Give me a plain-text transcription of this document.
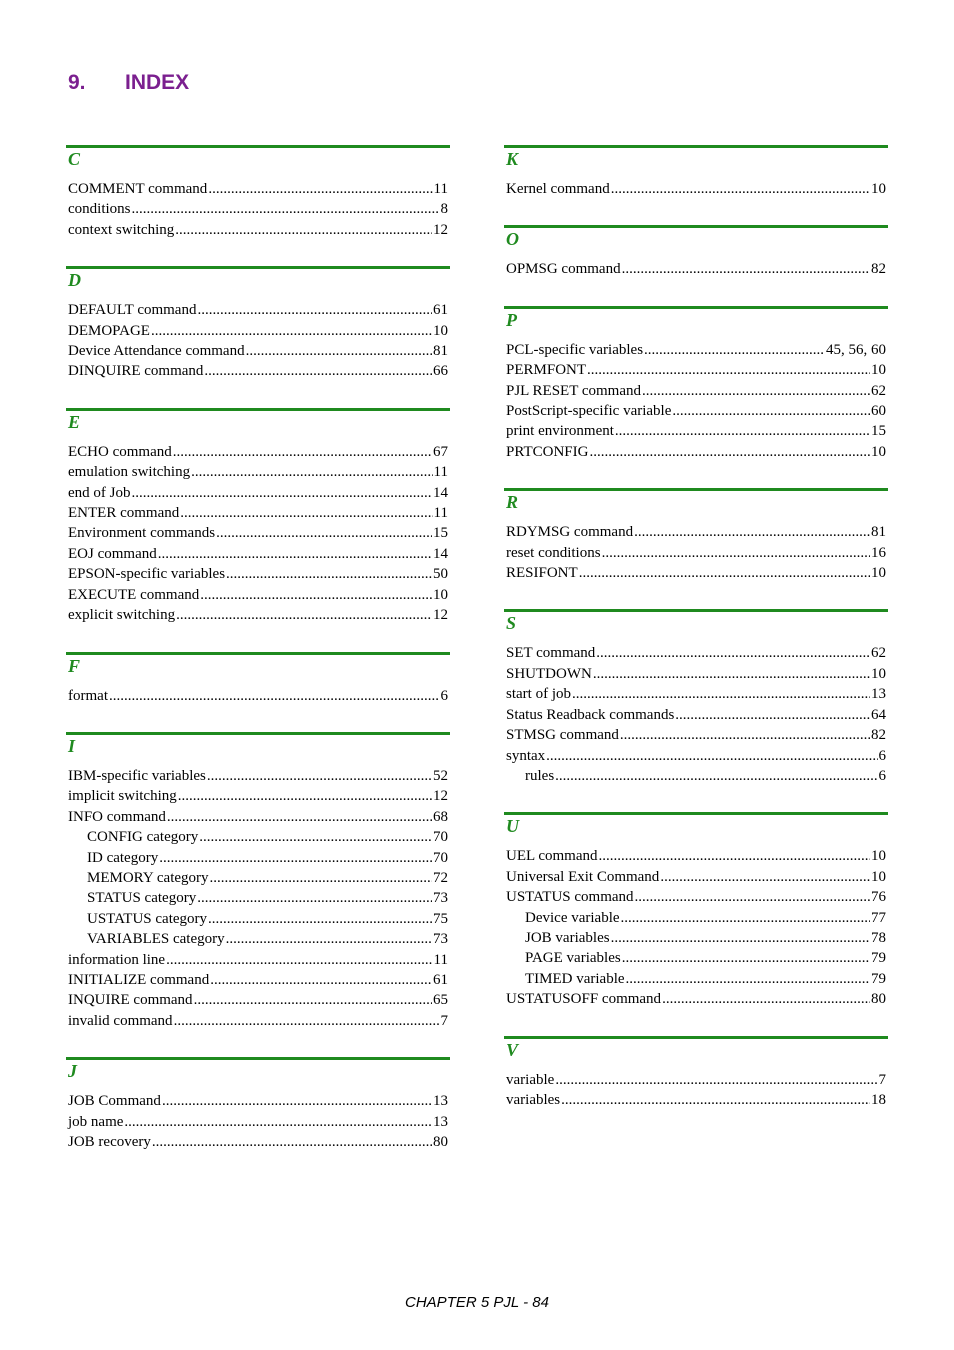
9. INDEX
C
COMMENT command .....	11
conditions .....	8
context switching .....	12
D
DEFAULT command .....	61
DEMOPAGE .....	10
Device Attendance command .....	81
DINQUIRE command .....	66
E
ECHO command .....	67
emulation switching .....	11
end of Job .....	14
ENTER command .....	11
Environment commands .....	15
EOJ command .....	14
EPSON-specific variables .....	50
EXECUTE command .....	10
explicit switching .....	12
F
format .....	6
I
IBM-specific variables .....	52
implicit switching .....	12
INFO command .....	68
CONFIG category .....	70
ID category .....	70
MEMORY category .....	72
STATUS category .....	73
USTATUS category .....	75
VARIABLES category .....	73
information line .....	11
INITIALIZE command .....	61
INQUIRE command .....	65
invalid command .....	7
J
JOB Command .....	13
job name .....	13
JOB recovery .....	80
K
Kernel command .....	10
O
OPMSG command .....	82
P
PCL-specific variables .....	45, 56, 60
PERMFONT .....	10
PJL RESET command .....	62
PostScript-specific variable .....	60
print environment .....	15
PRTCONFIG .....	10
R
RDYMSG command .....	81
reset conditions .....	16
RESIFONT .....	10
S
SET command .....	62
SHUTDOWN .....	10
start of job .....	13
Status Readback commands .....	64
STMSG command .....	82
syntax .....	6
rules .....	6
U
UEL command .....	10
Universal Exit Command .....	10
USTATUS command .....	76
Device variable .....	77
JOB variables .....	78
PAGE variables .....	79
TIMED variable .....	79
USTATUSOFF command .....	80
V
variable .....	7
variables .....	18
CHAPTER 5 PJL - 84
